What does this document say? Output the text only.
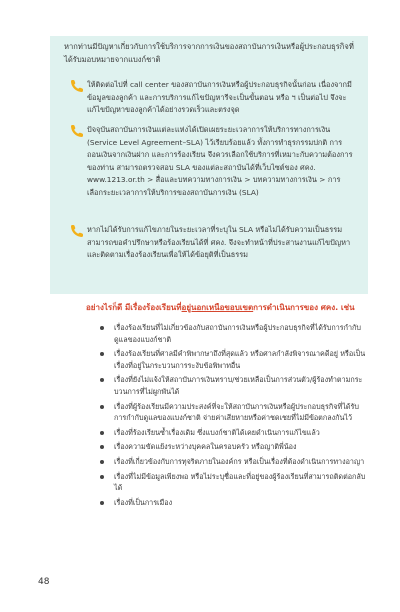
หากท่านมีปัญหาเกี่ยวกับการใช้บริการจากการเงินของสถาบันการเงินหรือผู้ประกอบธุรกิจที่ได้รับมอบหมายจากแบงก์ชาติ

ให้ติดต่อไปที่ call center ของสถาบันการเงินหรือผู้ประกอบธุรกิจนั้นก่อน เนื่องจากมีข้อมูลของลูกค้า และการบริการแก้ไขปัญหารีจะเป็นขั้นตอน หรือ ฯ เป็นต่อไป จึงจะแก้ไขปัญหาของลูกค้าได้อย่างรวดเร็วและตรงจุด

ปัจจุบันสถาบันการเงินแต่ละแห่งได้เปิดเผยระยะเวลาการให้บริการทางการเงิน (Service Level Agreement–SLA) ไว้เรียบร้อยแล้ว ทั้งการทำธุรกรรมปกติ การถอนเงินจากเงินฝาก และการร้องเรียน จึงควรเลือกใช้บริการที่เหมาะกับความต้องการของท่าน สามารถตรวจสอบ SLA ของแต่ละสถาบันได้ที่เว็บไซต์ของ ศคง. www.1213.or.th > สื่อและบทความทางการเงิน > บทความทางการเงิน > การเลือกระยะเวลาการให้บริการของสถาบันการเงิน (SLA)

หากไม่ได้รับการแก้ไขภายในระยะเวลาที่ระบุใน SLA หรือไม่ได้รับความเป็นธรรม สามารถขอคำปรึกษาหรือร้องเรียนได้ที่ ศคง. จึงจะทำหน้าที่ประสานงานแก้ไขปัญหา และติดตามเรื่องร้องเรียนเพื่อให้ได้ข้อยุติที่เป็นธรรม

อย่างไรก็ดี มีเรื่องร้องเรียนที่อยู่นอกเหนือขอบเขตการดำเนินการของ ศคง. เช่น

เรื่องร้องเรียนที่ไม่เกี่ยวข้องกับสถาบันการเงินหรือผู้ประกอบธุรกิจที่ได้รับการกำกับดูแลของแบงก์ชาติ
เรื่องร้องเรียนที่ศาลมีคำพิพากษาถึงที่สุดแล้ว หรือศาลกำลังพิจารณาคดีอยู่ หรือเป็นเรื่องที่อยู่ในกระบวนการระงับข้อพิพาทอื่น
เรื่องที่ยังไม่แจ้งให้สถาบันการเงินทราบ/ช่วยเหลือเป็นการส่วนตัว/ผู้ร้องทำตามกระบวนการที่ไม่ผูกพันได้
เรื่องที่ผู้ร้องเรียนมีความประสงค์ที่จะให้สถาบันการเงินหรือผู้ประกอบธุรกิจที่ได้รับการกำกับดูแลของแบงก์ชาติ จ่ายค่าเสียหายหรือค่าชดเชยที่ไม่มีข้อตกลงกันไว้
เรื่องที่ร้องเรียนซ้ำเรื่องเดิม ซึ่งแบงก์ชาติได้เคยดำเนินการแก้ไขแล้ว
เรื่องความขัดแย้งระหว่างบุคคลในครอบครัว หรือญาติพี่น้อง
เรื่องที่เกี่ยวข้องกับการทุจริตภายในองค์กร หรือเป็นเรื่องที่ต้องดำเนินการทางอาญา
เรื่องที่ไม่มีข้อมูลเพียงพอ หรือไม่ระบุชื่อและที่อยู่ของผู้ร้องเรียนที่สามารถติดต่อกลับได้
เรื่องที่เป็นการเมือง
48
